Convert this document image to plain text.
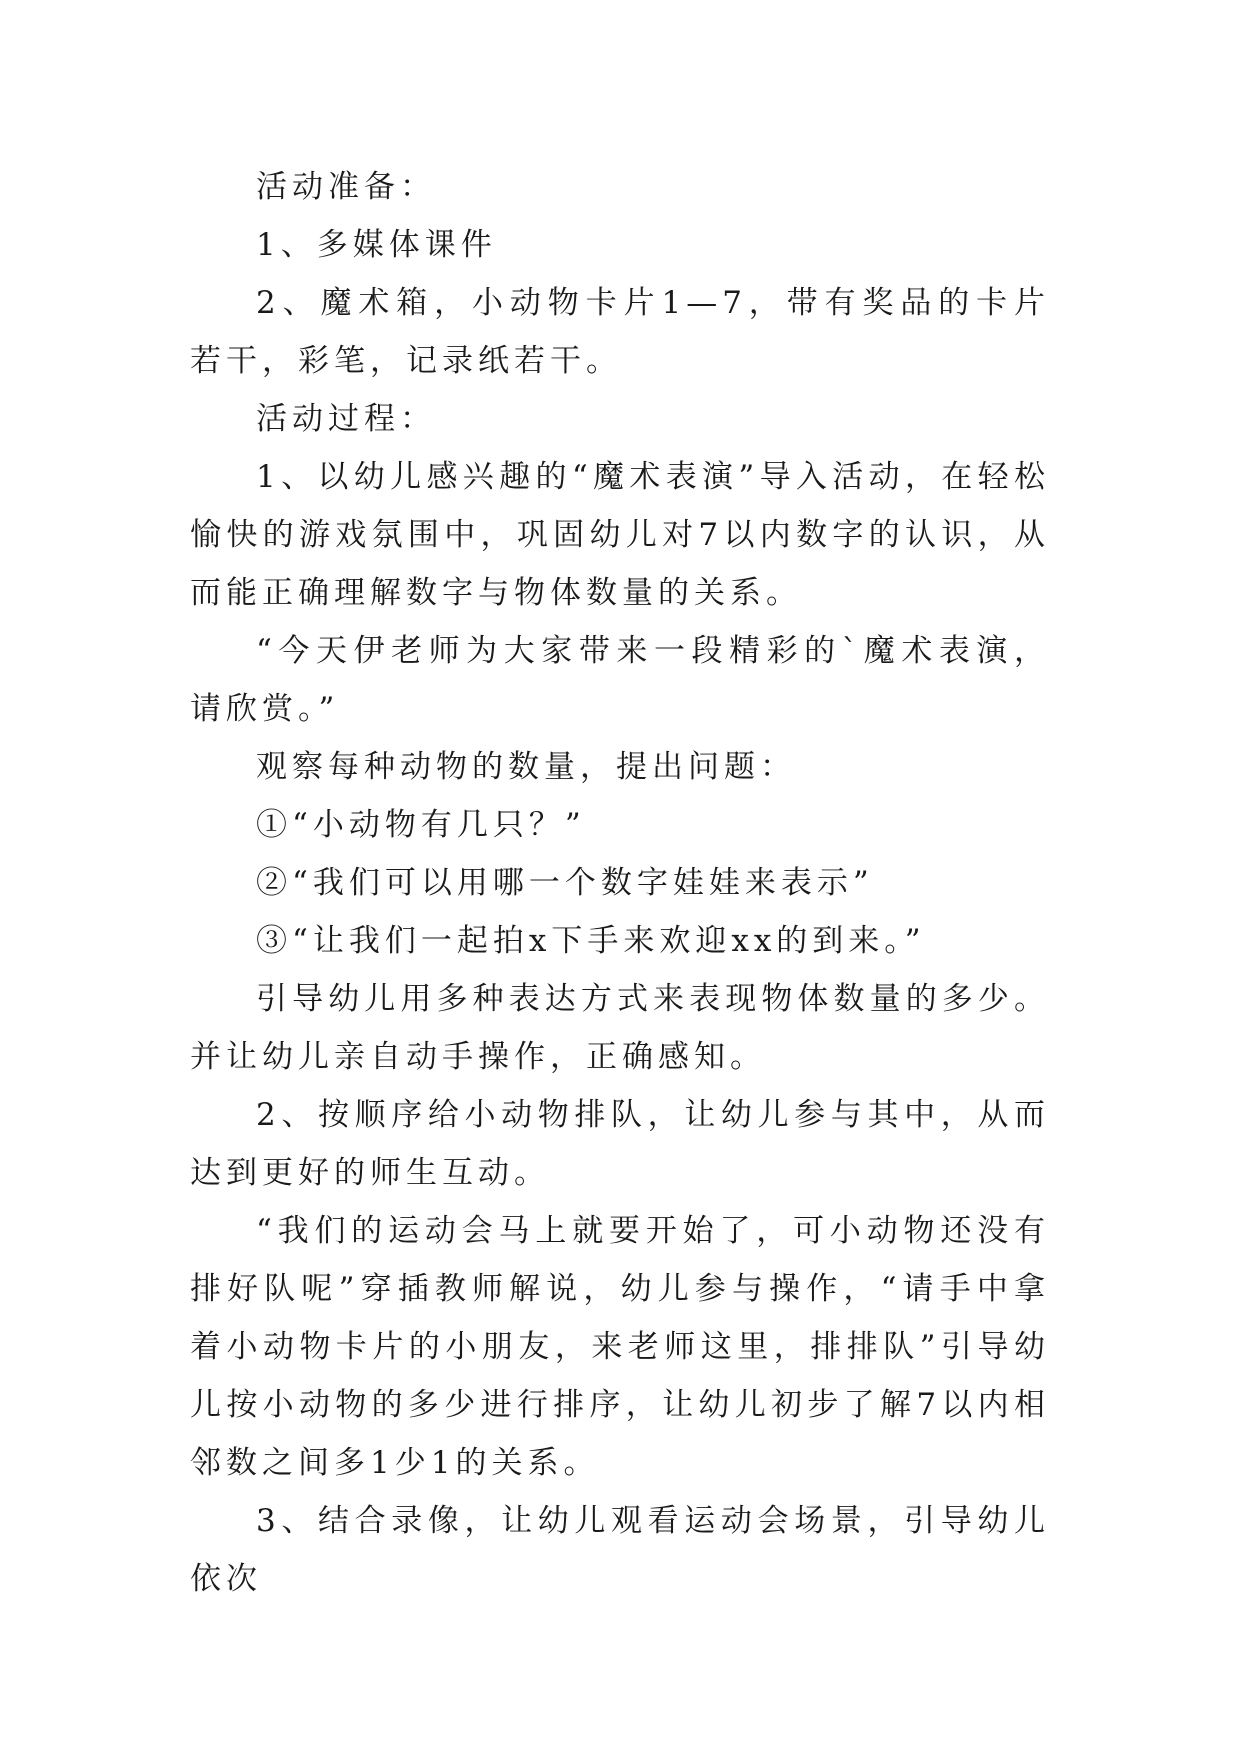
活动准备：

1、多媒体课件

2、魔术箱，小动物卡片1—7，带有奖品的卡片若干，彩笔，记录纸若干。

活动过程：

1、以幼儿感兴趣的“魔术表演”导入活动，在轻松愉快的游戏氛围中，巩固幼儿对7以内数字的认识，从而能正确理解数字与物体数量的关系。

“今天伊老师为大家带来一段精彩的`魔术表演，请欣赏。”

观察每种动物的数量，提出问题：

①“小动物有几只？”

②“我们可以用哪一个数字娃娃来表示”

③“让我们一起拍x下手来欢迎xx的到来。”

引导幼儿用多种表达方式来表现物体数量的多少。并让幼儿亲自动手操作，正确感知。

2、按顺序给小动物排队，让幼儿参与其中，从而达到更好的师生互动。

“我们的运动会马上就要开始了，可小动物还没有排好队呢”穿插教师解说，幼儿参与操作，“请手中拿着小动物卡片的小朋友，来老师这里，排排队”引导幼儿按小动物的多少进行排序，让幼儿初步了解7以内相邻数之间多1少1的关系。

3、结合录像，让幼儿观看运动会场景，引导幼儿依次
